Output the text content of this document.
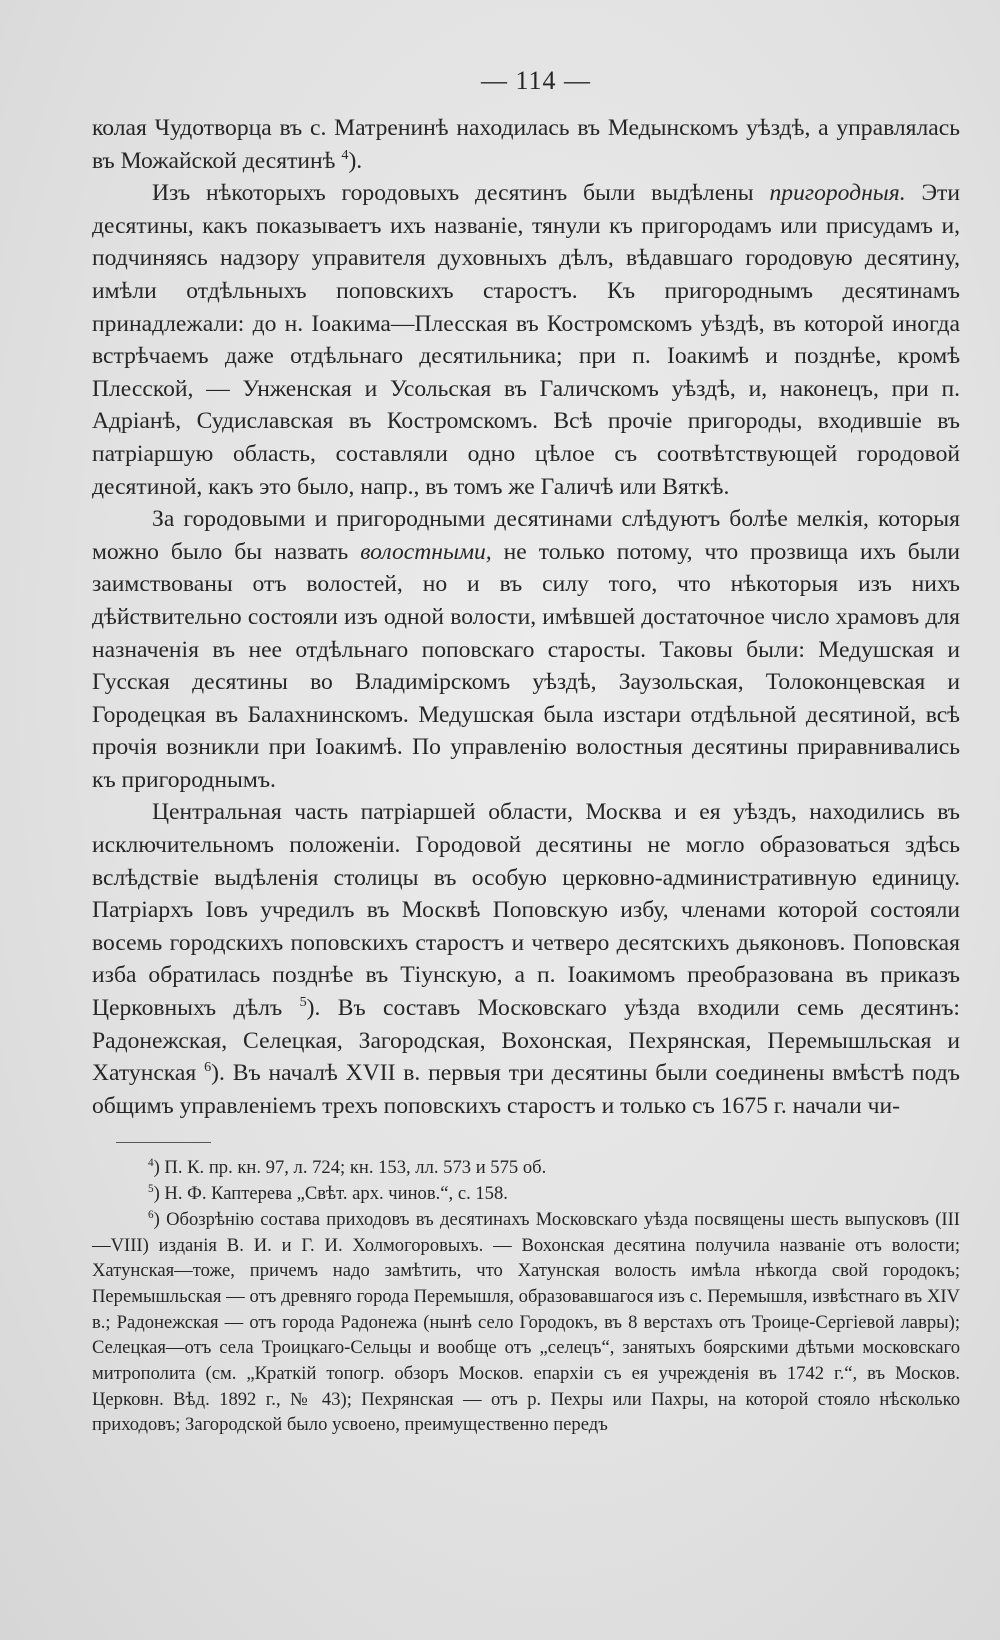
— 114 —

колая Чудотворца въ с. Матренинѣ находилась въ Медынскомъ уѣздѣ, а управлялась въ Можайской десятинѣ $^4$).

Изъ нѣкоторыхъ городовыхъ десятинъ были выдѣлены пригородныя. Эти десятины, какъ показываетъ ихъ названіе, тянули къ пригородамъ или присудамъ и, подчиняясь надзору управителя духовныхъ дѣлъ, вѣдавшаго городовую десятину, имѣли отдѣльныхъ поповскихъ старостъ. Къ пригороднымъ десятинамъ принадлежали: до н. Іоакима—Плесская въ Костромскомъ уѣздѣ, въ которой иногда встрѣчаемъ даже отдѣльнаго десятильника; при п. Іоакимѣ и позднѣе, кромѣ Плесской, — Унженская и Усольская въ Галичскомъ уѣздѣ, и, наконецъ, при п. Адріанѣ, Судиславская въ Костромскомъ. Всѣ прочіе пригороды, входившіе въ патріаршую область, составляли одно цѣлое съ соотвѣтствующей городовой десятиной, какъ это было, напр., въ томъ же Галичѣ или Вяткѣ.

За городовыми и пригородными десятинами слѣдуютъ болѣе мелкія, которыя можно было бы назвать волостными, не только потому, что прозвища ихъ были заимствованы отъ волостей, но и въ силу того, что нѣкоторыя изъ нихъ дѣйствительно состояли изъ одной волости, имѣвшей достаточное число храмовъ для назначенія въ нее отдѣльнаго поповскаго старосты. Таковы были: Медушская и Гусская десятины во Владимірскомъ уѣздѣ, Заузольская, Толоконцевская и Городецкая въ Балахнинскомъ. Медушская была изстари отдѣльной десятиной, всѣ прочія возникли при Іоакимѣ. По управленію волостныя десятины приравнивались къ пригороднымъ.

Центральная часть патріаршей области, Москва и ея уѣздъ, находились въ исключительномъ положеніи. Городовой десятины не могло образоваться здѣсь вслѣдствіе выдѣленія столицы въ особую церковно-административную единицу. Патріархъ Іовъ учредилъ въ Москвѣ Поповскую избу, членами которой состояли восемь городскихъ поповскихъ старостъ и четверо десятскихъ дьяконовъ. Поповская изба обратилась позднѣе въ Тіунскую, а п. Іоакимомъ преобразована въ приказъ Церковныхъ дѣлъ $^5$). Въ составъ Московскаго уѣзда входили семь десятинъ: Радонежская, Селецкая, Загородская, Вохонская, Пехрянская, Перемышльская и Хатунская $^6$). Въ началѣ XVII в. первыя три десятины были соединены вмѣстѣ подъ общимъ управленіемъ трехъ поповскихъ старостъ и только съ 1675 г. начали чи-

$^4$) П. К. пр. кн. 97, л. 724; кн. 153, лл. 573 и 575 об.

$^5$) Н. Ф. Каптерева „Свѣт. арх. чинов.“, с. 158.

$^6$) Обозрѣнію состава приходовъ въ десятинахъ Московскаго уѣзда посвящены шесть выпусковъ (III—VIII) изданія В. И. и Г. И. Холмогоровыхъ. — Вохонская десятина получила названіе отъ волости; Хатунская—тоже, причемъ надо замѣтить, что Хатунская волость имѣла нѣкогда свой городокъ; Перемышльская — отъ древняго города Перемышля, образовавшагося изъ с. Перемышля, извѣстнаго въ XIV в.; Радонежская — отъ города Радонежа (нынѣ село Городокъ, въ 8 верстахъ отъ Троице-Сергіевой лавры); Селецкая—отъ села Троицкаго-Сельцы и вообще отъ „селецъ“, занятыхъ боярскими дѣтьми московскаго митрополита (см. „Краткій топогр. обзоръ Москов. епархіи съ ея учрежденія въ 1742 г.“, въ Москов. Церковн. Вѣд. 1892 г., № 43); Пехрянская — отъ р. Пехры или Пахры, на которой стояло нѣсколько приходовъ; Загородской было усвоено, преимущественно передъ
